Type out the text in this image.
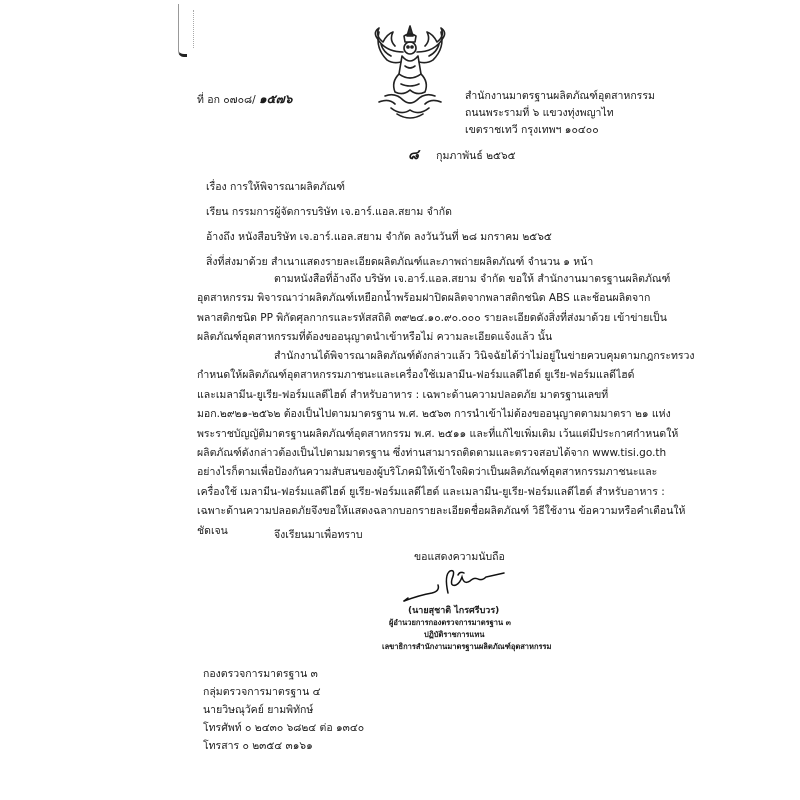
ที่ อก ๐๗๐๘/ ๑๕๗๖	สำนักงานมาตรฐานผลิตภัณฑ์อุตสาหกรรม
ถนนพระรามที่ ๖ แขวงทุ่งพญาไท
เขตราชเทวี กรุงเทพฯ ๑๐๔๐๐
๘ กุมภาพันธ์ ๒๕๖๕
เรื่อง การให้พิจารณาผลิตภัณฑ์
เรียน กรรมการผู้จัดการบริษัท เจ.อาร์.แอล.สยาม จำกัด
อ้างถึง หนังสือบริษัท เจ.อาร์.แอล.สยาม จำกัด ลงวันวันที่ ๒๘ มกราคม ๒๕๖๕
สิ่งที่ส่งมาด้วย สำเนาแสดงรายละเอียดผลิตภัณฑ์และภาพถ่ายผลิตภัณฑ์ จำนวน ๑ หน้า
ตามหนังสือที่อ้างถึง บริษัท เจ.อาร์.แอล.สยาม จำกัด ขอให้ สำนักงานมาตรฐานผลิตภัณฑ์
อุตสาหกรรม พิจารณาว่าผลิตภัณฑ์เหยือกน้ำพร้อมฝาปิดผลิตจากพลาสติกชนิด ABS และช้อนผลิตจาก
พลาสติกชนิด PP พิกัดศุลกากรและรหัสสถิติ ๓๙๒๔.๑๐.๙๐.๐๐๐ รายละเอียดดังสิ่งที่ส่งมาด้วย เข้าข่ายเป็น
ผลิตภัณฑ์อุตสาหกรรมที่ต้องขออนุญาตนำเข้าหรือไม่ ความละเอียดแจ้งแล้ว นั้น
สำนักงานได้พิจารณาผลิตภัณฑ์ดังกล่าวแล้ว วินิจฉัยได้ว่าไม่อยู่ในข่ายควบคุมตามกฎกระทรวง
กำหนดให้ผลิตภัณฑ์อุตสาหกรรมภาชนะและเครื่องใช้เมลามีน-ฟอร์มแลดีไฮด์ ยูเรีย-ฟอร์มแลดีไฮด์
และเมลามีน-ยูเรีย-ฟอร์มแลดีไฮด์ สำหรับอาหาร : เฉพาะด้านความปลอดภัย มาตรฐานเลขที่
มอก.๒๙๒๑-๒๕๖๒ ต้องเป็นไปตามมาตรฐาน พ.ศ. ๒๕๖๓ การนำเข้าไม่ต้องขออนุญาตตามมาตรา ๒๑ แห่ง
พระราชบัญญัติมาตรฐานผลิตภัณฑ์อุตสาหกรรม พ.ศ. ๒๕๑๑ และที่แก้ไขเพิ่มเติม เว้นแต่มีประกาศกำหนดให้
ผลิตภัณฑ์ดังกล่าวต้องเป็นไปตามมาตรฐาน ซึ่งท่านสามารถติดตามและตรวจสอบได้จาก www.tisi.go.th
อย่างไรก็ตามเพื่อป้องกันความสับสนของผู้บริโภคมิให้เข้าใจผิดว่าเป็นผลิตภัณฑ์อุตสาหกรรมภาชนะและ
เครื่องใช้ เมลามีน-ฟอร์มแลดีไฮด์ ยูเรีย-ฟอร์มแลดีไฮด์ และเมลามีน-ยูเรีย-ฟอร์มแลดีไฮด์ สำหรับอาหาร :
เฉพาะด้านความปลอดภัยจึงขอให้แสดงฉลากบอกรายละเอียดชื่อผลิตภัณฑ์ วิธีใช้งาน ข้อความหรือคำเตือนให้
ชัดเจน	จึงเรียนมาเพื่อทราบ
ขอแสดงความนับถือ
(นายสุชาติ ไกรศรีบวร)
ผู้อำนวยการกองตรวจการมาตรฐาน ๓
ปฏิบัติราชการแทน
เลขาธิการสำนักงานมาตรฐานผลิตภัณฑ์อุตสาหกรรม
กองตรวจการมาตรฐาน ๓
กลุ่มตรวจการมาตรฐาน ๔
นายวิษณุวัคย์ ยามพิทักษ์
โทรศัพท์ ๐ ๒๔๓๐ ๖๘๒๔ ต่อ ๑๓๔๐
โทรสาร ๐ ๒๓๕๔ ๓๑๖๑
